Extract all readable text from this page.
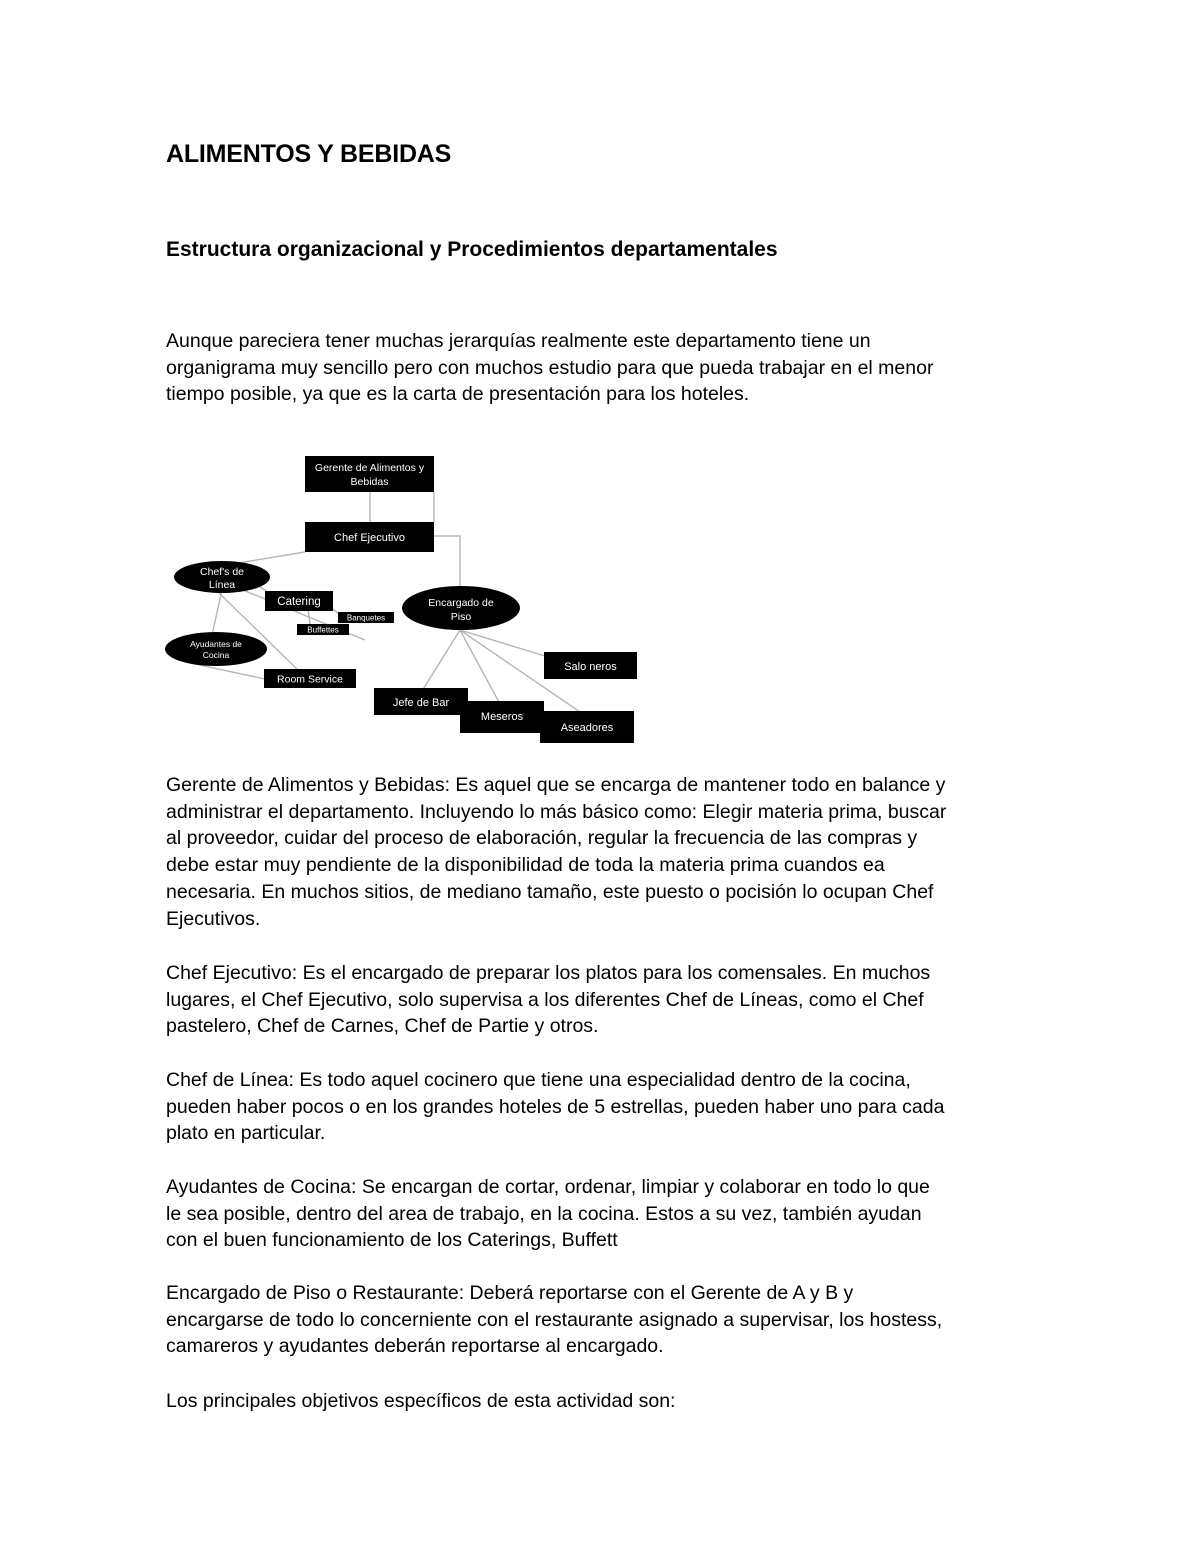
ALIMENTOS Y BEBIDAS
Estructura organizacional y Procedimientos departamentales

Aunque pareciera tener muchas jerarquías realmente este departamento tiene un
organigrama muy sencillo pero con muchos estudio para que pueda trabajar en el menor
tiempo posible, ya que es la carta de presentación para los hoteles.

Gerente de Alimentos y
Bebidas
Chef Ejecutivo
Chef's de
Línea
Catering
Banquetes
Buffettes
Ayudantes de
Cocina
Room Service
Encargado de
Piso
Salo neros
Jefe de Bar
Meseros
Aseadores

Gerente de Alimentos y Bebidas: Es aquel que se encarga de mantener todo en balance y
administrar el departamento. Incluyendo lo más básico como: Elegir materia prima, buscar
al proveedor, cuidar del proceso de elaboración, regular la frecuencia de las compras y
debe estar muy pendiente de la disponibilidad de toda la materia prima cuandos ea
necesaria. En muchos sitios, de mediano tamaño, este puesto o pocisión lo ocupan Chef
Ejecutivos.

Chef Ejecutivo: Es el encargado de preparar los platos para los comensales. En muchos
lugares, el Chef Ejecutivo, solo supervisa a los diferentes Chef de Líneas, como el Chef
pastelero, Chef de Carnes, Chef de Partie y otros.

Chef de Línea: Es todo aquel cocinero que tiene una especialidad dentro de la cocina,
pueden haber pocos o en los grandes hoteles de 5 estrellas, pueden haber uno para cada
plato en particular.

Ayudantes de Cocina: Se encargan de cortar, ordenar, limpiar y colaborar en todo lo que
le sea posible, dentro del area de trabajo, en la cocina. Estos a su vez, también ayudan
con el buen funcionamiento de los Caterings, Buffett

Encargado de Piso o Restaurante: Deberá reportarse con el Gerente de A y B y
encargarse de todo lo concerniente con el restaurante asignado a supervisar, los hostess,
camareros y ayudantes deberán reportarse al encargado.

Los principales objetivos específicos de esta actividad son:
